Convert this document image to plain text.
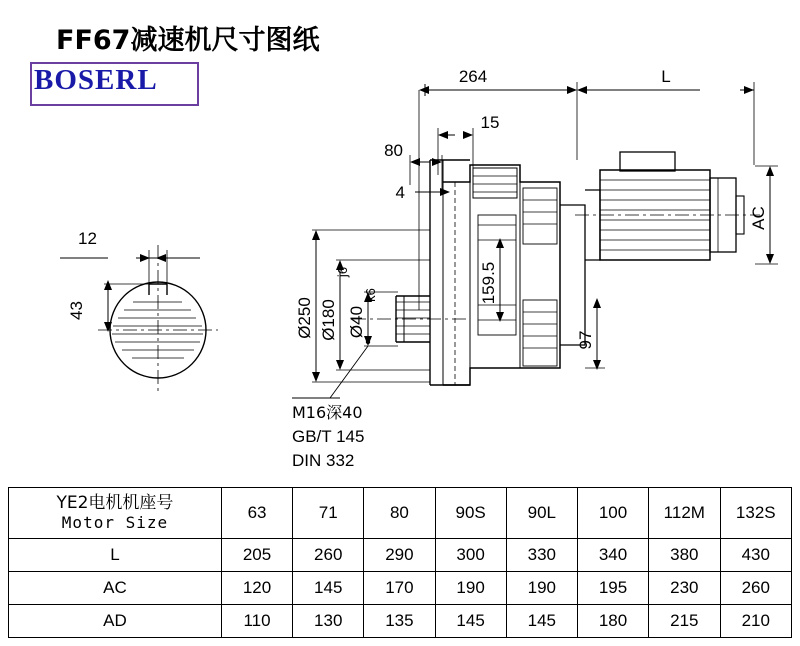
FF67减速机尺寸图纸
BOSERL
12
43
264	L
15
80
4
Ø250 Ø180
j6
Ø40
k6	159.5
97
AC
M16深40
GB/T 145
DIN 332
YE2电机机座号
Motor Size	63	71	80	90S	90L	100	112M	132S
L	205	260	290	300	330	340	380	430
AC	120	145	170	190	190	195	230	260
AD	110	130	135	145	145	180	215	210
